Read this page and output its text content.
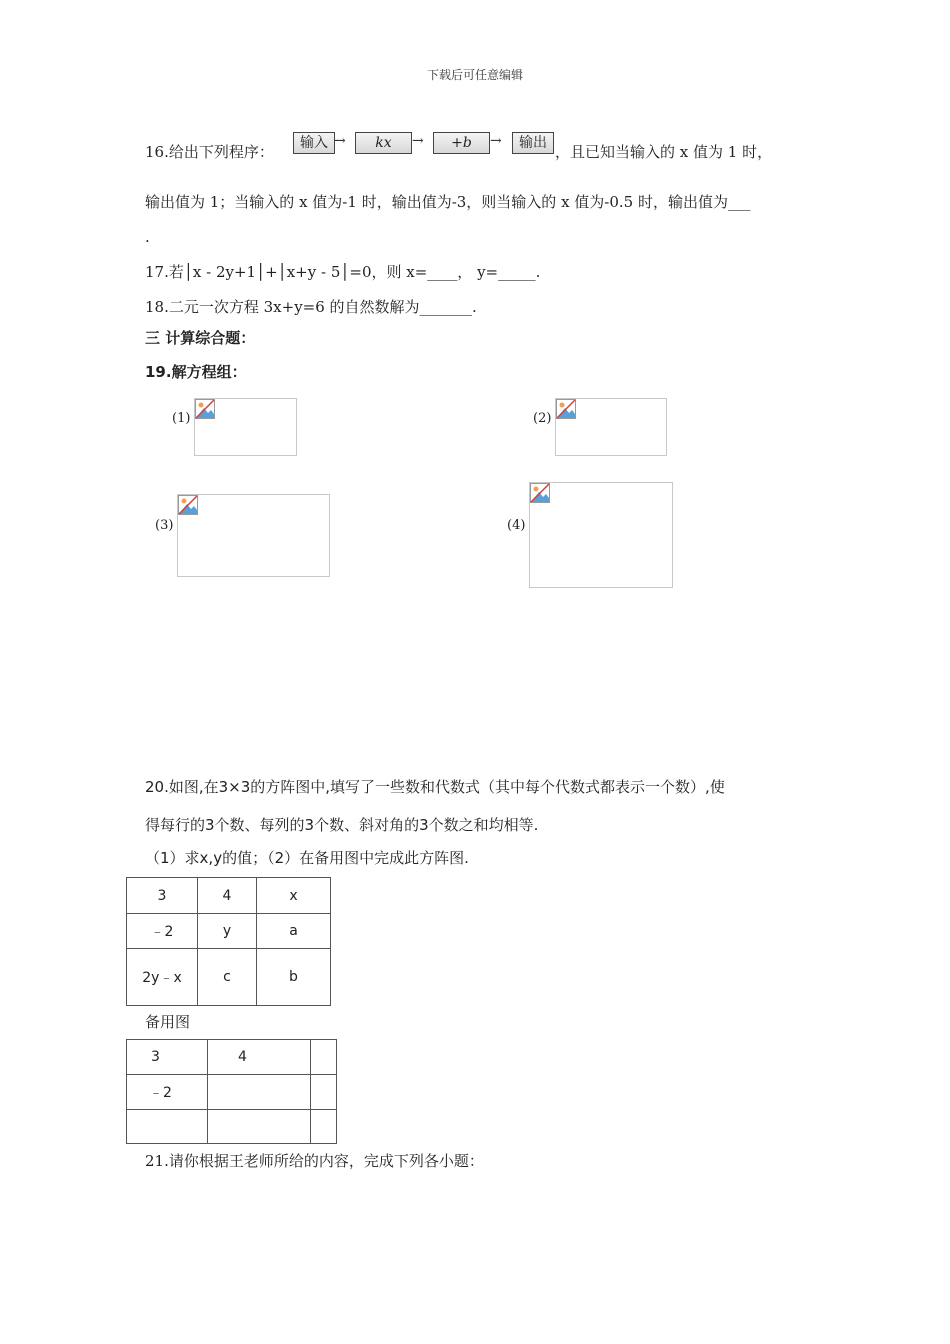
下载后可任意编辑
16.给出下列程序：	输入 →	kx	→	+b	→	输出 ，且已知当输入的 x 值为 1 时，
输出值为 1；当输入的 x 值为-1 时，输出值为-3，则当输入的 x 值为-0.5 时，输出值为___
.
17.若│x - 2y+1│+│x+y - 5│=0，则 x=____， y=_____.
18.二元一次方程 3x+y=6 的自然数解为_______.
三 计算综合题：
19.解方程组：
(1)	(2)
(3)	(4)
20.如图,在3×3的方阵图中,填写了一些数和代数式（其中每个代数式都表示一个数）,使
得每行的3个数、每列的3个数、斜对角的3个数之和均相等.
（1）求x,y的值；（2）在备用图中完成此方阵图.
3	4	x
﹣2	y	a
2y﹣x	c	b
备用图
3	4	
﹣2		

21.请你根据王老师所给的内容，完成下列各小题：
